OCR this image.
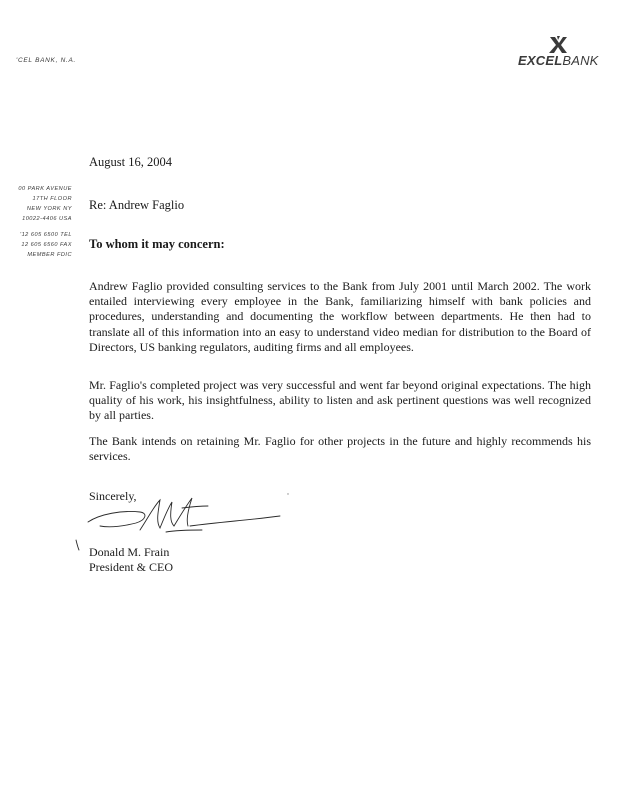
'CEL BANK, N.A.	EXCELBANK
00 PARK AVENUE
17TH FLOOR
NEW YORK NY
10022-4406 USA
'12 605 6500 TEL
12 605 6560 FAX
MEMBER FDIC
August 16, 2004
Re: Andrew Faglio
To whom it may concern:

Andrew Faglio provided consulting services to the Bank from July 2001 until March 2002. The work entailed interviewing every employee in the Bank, familiarizing himself with bank policies and procedures, understanding and documenting the workflow between departments. He then had to translate all of this information into an easy to understand video median for distribution to the Board of Directors, US banking regulators, auditing firms and all employees.

Mr. Faglio's completed project was very successful and went far beyond original expectations. The high quality of his work, his insightfulness, ability to listen and ask pertinent questions was well recognized by all parties.

The Bank intends on retaining Mr. Faglio for other projects in the future and highly recommends his services.

Sincerely,
Donald M. Frain
President & CEO
